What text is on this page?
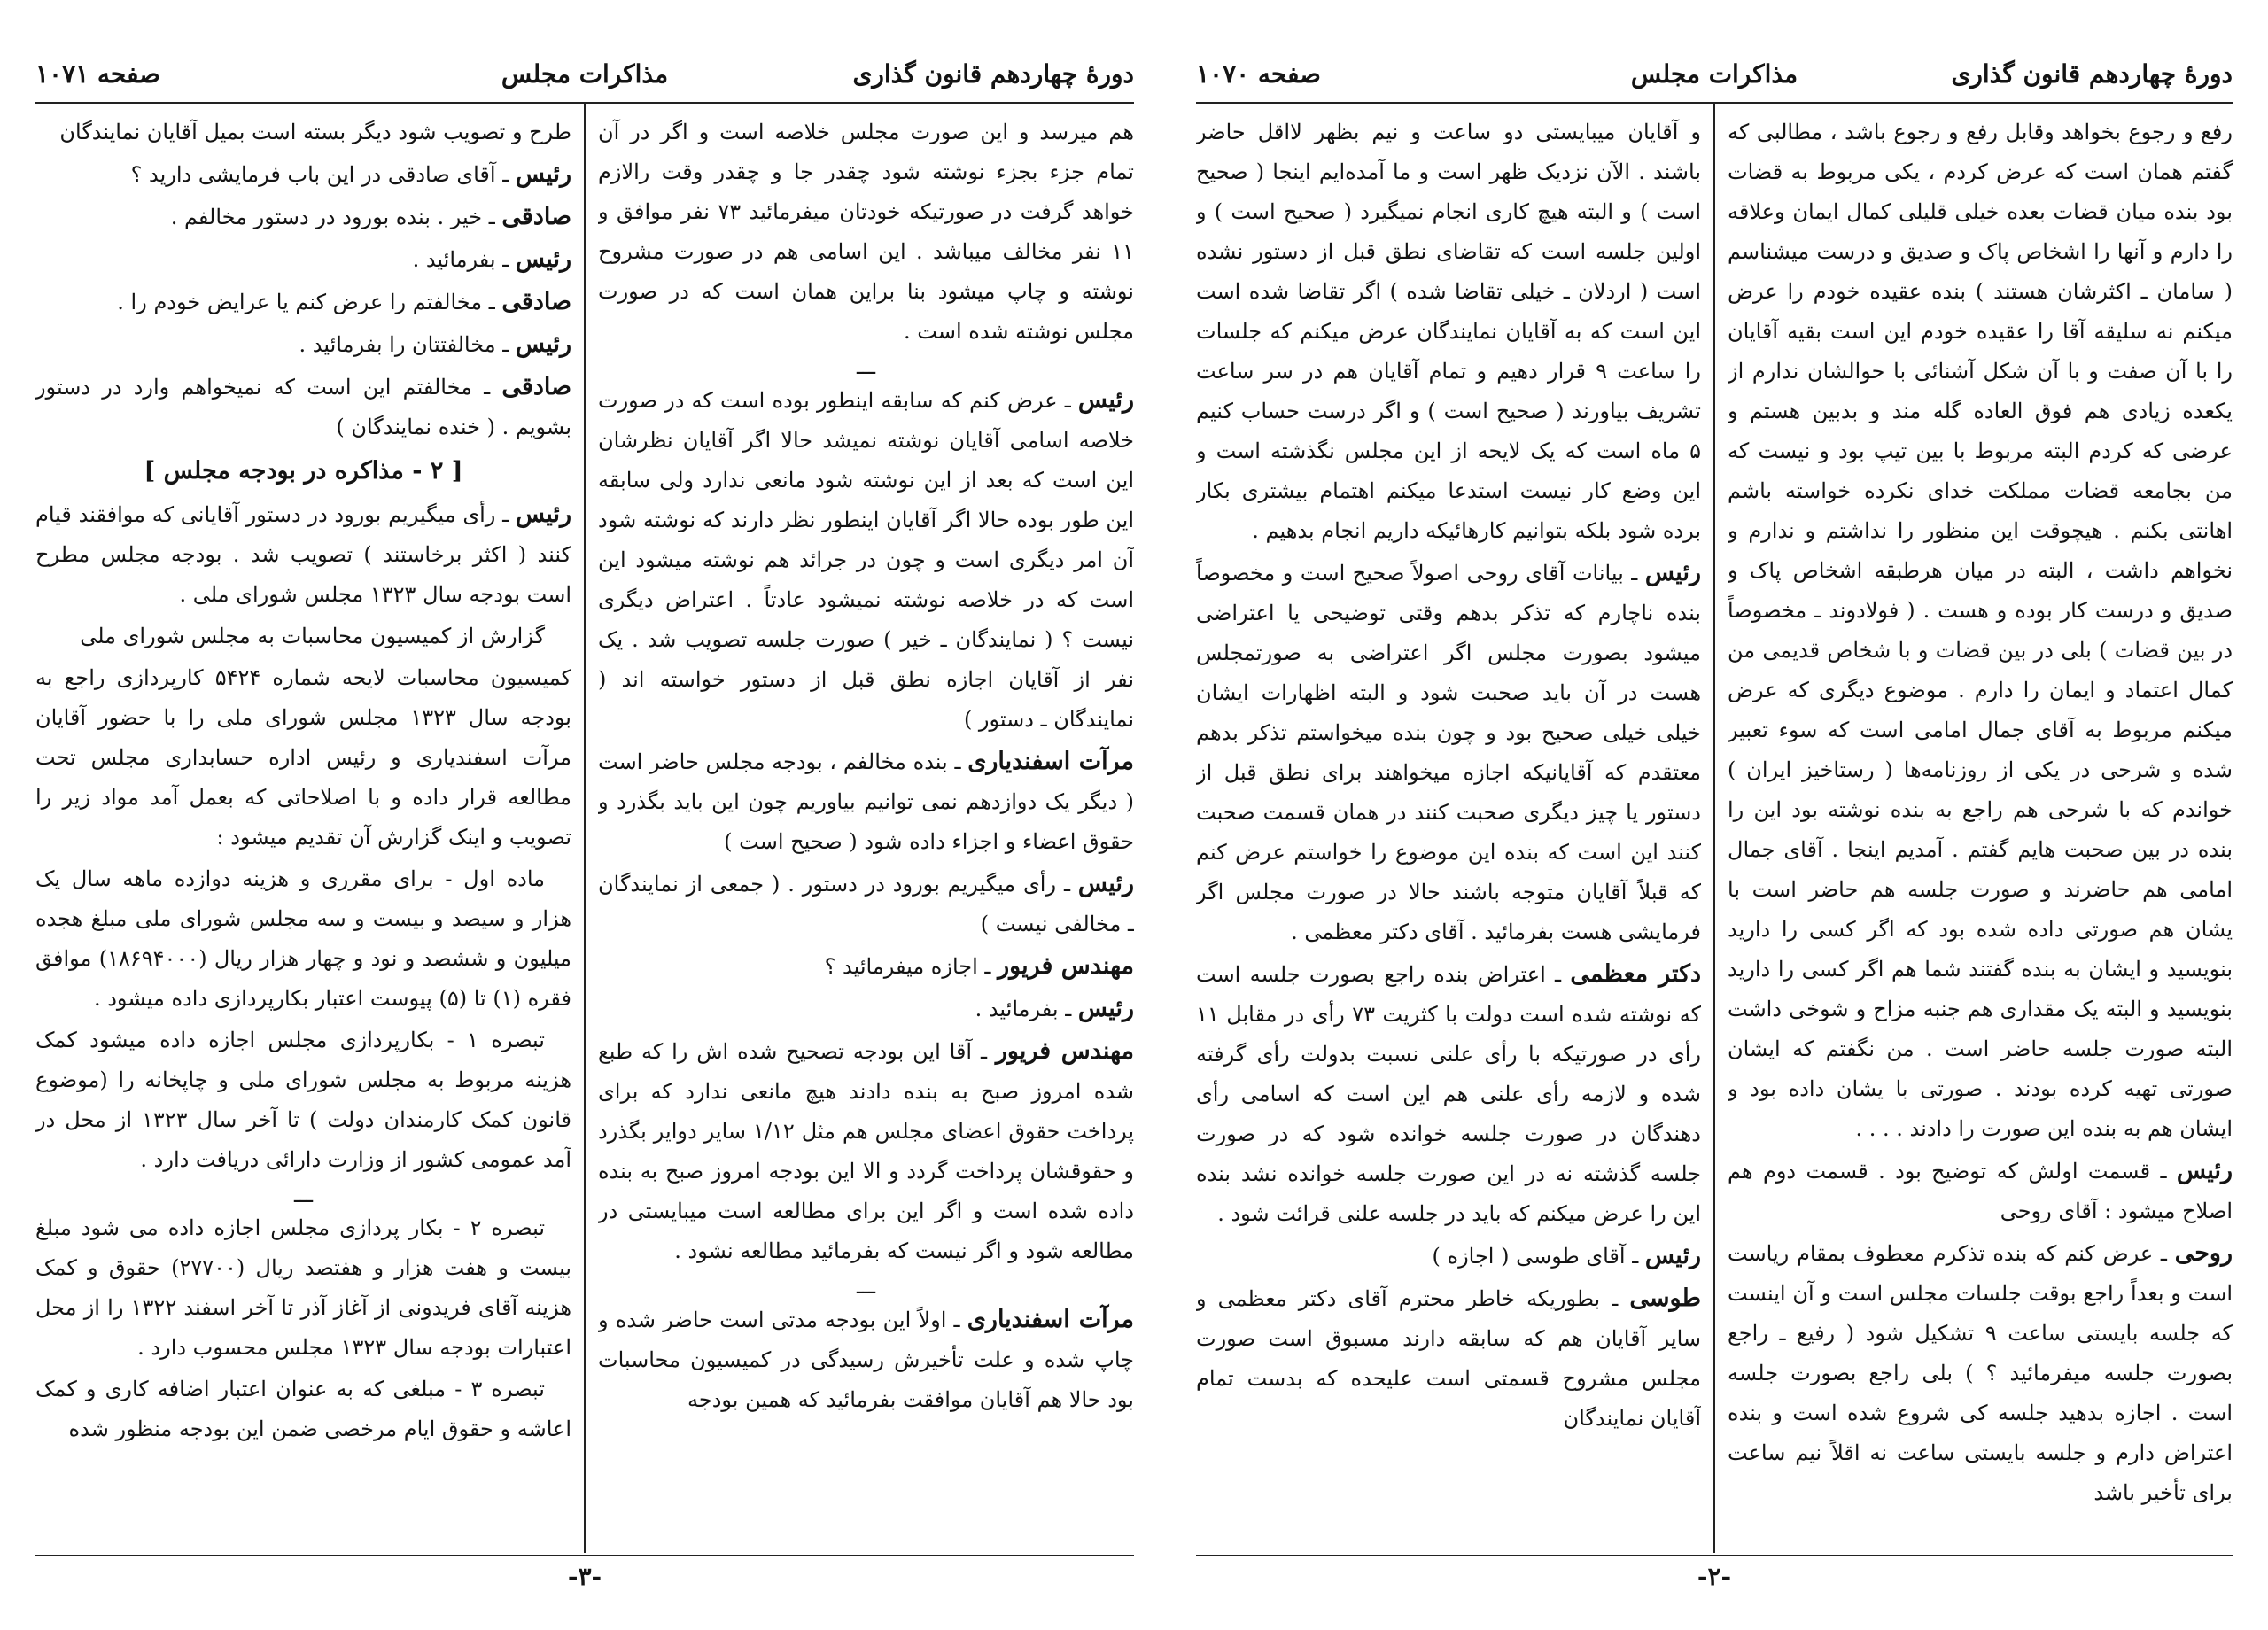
دورهٔ چهاردهم قانون گذاری
مذاکرات مجلس
صفحه ۱۰۷۱

هم میرسد و این صورت مجلس خلاصه است و اگر در آن تمام جزء بجزء نوشته شود چقدر جا و چقدر وقت رالازم خواهد گرفت در صورتیکه خودتان میفرمائید ۷۳ نفر موافق و ۱۱ نفر مخالف میباشد . این اسامی هم در صورت مشروح نوشته و چاپ میشود بنا براین همان است که در صورت مجلس نوشته شده است .

ـــ

رئیس ـ عرض کنم که سابقه اینطور بوده است که در صورت خلاصه اسامی آقایان نوشته نمیشد حالا اگر آقایان نظرشان این است که بعد از این نوشته شود مانعی ندارد ولی سابقه این طور بوده حالا اگر آقایان اینطور نظر دارند که نوشته شود آن امر دیگری است و چون در جرائد هم نوشته میشود این است که در خلاصه نوشته نمیشود عادتاً . اعتراض دیگری نیست ؟ ( نمایندگان ـ خیر ) صورت جلسه تصویب شد . یک نفر از آقایان اجازه نطق قبل از دستور خواسته اند ( نمایندگان ـ دستور )

مرآت اسفندیاری ـ بنده مخالفم ، بودجه مجلس حاضر است ( دیگر یک دوازدهم نمی توانیم بیاوریم چون این باید بگذرد و حقوق اعضاء و اجزاء داده شود ( صحیح است )

رئیس ـ رأی میگیریم بورود در دستور . ( جمعی از نمایندگان ـ مخالفی نیست )

مهندس فریور ـ اجازه میفرمائید ؟

رئیس ـ بفرمائید .

مهندس فریور ـ آقا این بودجه تصحیح شده اش را که طبع شده امروز صبح به بنده دادند هیچ مانعی ندارد که برای پرداخت حقوق اعضای مجلس هم مثل ۱/۱۲ سایر دوایر بگذرد و حقوقشان پرداخت گردد و الا این بودجه امروز صبح به بنده داده شده است و اگر این برای مطالعه است میبایستی در مطالعه شود و اگر نیست که بفرمائید مطالعه نشود .

ـــ

مرآت اسفندیاری ـ اولاً این بودجه مدتی است حاضر شده و چاپ شده و علت تأخیرش رسیدگی در کمیسیون محاسبات بود حالا هم آقایان موافقت بفرمائید که همین بودجه

طرح و تصویب شود دیگر بسته است بمیل آقایان نمایندگان

رئیس ـ آقای صادقی در این باب فرمایشی دارید ؟

صادقی ـ خیر . بنده بورود در دستور مخالفم .

رئیس ـ بفرمائید .

صادقی ـ مخالفتم را عرض کنم یا عرایض خودم را .

رئیس ـ مخالفتتان را بفرمائید .

صادقی ـ مخالفتم این است که نمیخواهم وارد در دستور بشویم . ( خنده نمایندگان )

[ ۲ - مذاکره در بودجه مجلس ]

رئیس ـ رأی میگیریم بورود در دستور آقایانی که موافقند قیام کنند ( اکثر برخاستند ) تصویب شد . بودجه مجلس مطرح است بودجه سال ۱۳۲۳ مجلس شورای ملی .

گزارش از کمیسیون محاسبات به مجلس شورای ملی

کمیسیون محاسبات لایحه شماره ۵۴۲۴ کارپردازی راجع به بودجه سال ۱۳۲۳ مجلس شورای ملی را با حضور آقایان مرآت اسفندیاری و رئیس اداره حسابداری مجلس تحت مطالعه قرار داده و با اصلاحاتی که بعمل آمد مواد زیر را تصویب و اینک گزارش آن تقدیم میشود :

ماده اول - برای مقرری و هزینه دوازده ماهه سال یک هزار و سیصد و بیست و سه مجلس شورای ملی مبلغ هجده میلیون و ششصد و نود و چهار هزار ریال (۱۸۶۹۴۰۰۰) موافق فقره (۱) تا (۵) پیوست اعتبار بکارپردازی داده میشود .

تبصره ۱ - بکارپردازی مجلس اجازه داده میشود کمک هزینه مربوط به مجلس شورای ملی و چاپخانه را (موضوع قانون کمک کارمندان دولت ) تا آخر سال ۱۳۲۳ از محل در آمد عمومی کشور از وزارت دارائی دریافت دارد .

ـــ

تبصره ۲ - بکار پردازی مجلس اجازه داده می شود مبلغ بیست و هفت هزار و هفتصد ریال (۲۷۷۰۰) حقوق و کمک هزینه آقای فریدونی از آغاز آذر تا آخر اسفند ۱۳۲۲ را از محل اعتبارات بودجه سال ۱۳۲۳ مجلس محسوب دارد .

تبصره ۳ - مبلغی که به عنوان اعتبار اضافه کاری و کمک اعاشه و حقوق ایام مرخصی ضمن این بودجه منظور شده

-۳-
دورهٔ چهاردهم قانون گذاری
مذاکرات مجلس
صفحه ۱۰۷۰

رفع و رجوع بخواهد وقابل رفع و رجوع باشد ، مطالبی که گفتم همان است که عرض کردم ، یکی مربوط به قضات بود بنده میان قضات بعده خیلی قلیلی کمال ایمان وعلاقه را دارم و آنها را اشخاص پاک و صدیق و درست میشناسم ( سامان ـ اکثرشان هستند ) بنده عقیده خودم را عرض میکنم نه سلیقه آقا را عقیده خودم این است بقیه آقایان را با آن صفت و با آن شکل آشنائی با حوالشان ندارم از یکعده زیادی هم فوق العاده گله مند و بدبین هستم و عرضی که کردم البته مربوط با بین تیپ بود و نیست که من بجامعه قضات مملکت خدای نکرده خواسته باشم اهانتی بکنم . هیچوقت این منظور را نداشتم و ندارم و نخواهم داشت ، البته در میان هرطبقه اشخاص پاک و صدیق و درست کار بوده و هست . ( فولادوند ـ مخصوصاً در بین قضات ) بلی در بین قضات و با شخاص قدیمی من کمال اعتماد و ایمان را دارم . موضوع دیگری که عرض میکنم مربوط به آقای جمال امامی است که سوء تعبیر شده و شرحی در یکی از روزنامه‌ها ( رستاخیز ایران ) خواندم که با شرحی هم راجع به بنده نوشته بود این را بنده در بین صحبت هایم گفتم . آمدیم اینجا . آقای جمال امامی هم حاضرند و صورت جلسه هم حاضر است با یشان هم صورتی داده شده بود که اگر کسی را دارید بنویسید و ایشان به بنده گفتند شما هم اگر کسی را دارید بنویسید و البته یک مقداری هم جنبه مزاح و شوخی داشت البته صورت جلسه حاضر است . من نگفتم که ایشان صورتی تهیه کرده بودند . صورتی با یشان داده بود و ایشان هم به بنده این صورت را دادند . . . .

رئیس ـ قسمت اولش که توضیح بود . قسمت دوم هم اصلاح میشود : آقای روحی

روحی ـ عرض کنم که بنده تذکرم معطوف بمقام ریاست است و بعداً راجع بوقت جلسات مجلس است و آن اینست که جلسه بایستی ساعت ۹ تشکیل شود ( رفیع ـ راجع بصورت جلسه میفرمائید ؟ ) بلی راجع بصورت جلسه است . اجازه بدهید جلسه کی شروع شده است و بنده اعتراض دارم و جلسه بایستی ساعت نه اقلاً نیم ساعت برای تأخیر باشد

و آقایان میبایستی دو ساعت و نیم بظهر لااقل حاضر باشند . الآن نزدیک ظهر است و ما آمده‌ایم اینجا ( صحیح است ) و البته هیچ کاری انجام نمیگیرد ( صحیح است ) و اولین جلسه است که تقاضای نطق قبل از دستور نشده است ( اردلان ـ خیلی تقاضا شده ) اگر تقاضا شده است این است که به آقایان نمایندگان عرض میکنم که جلسات را ساعت ۹ قرار دهیم و تمام آقایان هم در سر ساعت تشریف بیاورند ( صحیح است ) و اگر درست حساب کنیم ۵ ماه است که یک لایحه از این مجلس نگذشته است و این وضع کار نیست استدعا میکنم اهتمام بیشتری بکار برده شود بلکه بتوانیم کارهائیکه داریم انجام بدهیم .

رئیس ـ بیانات آقای روحی اصولاً صحیح است و مخصوصاً بنده ناچارم که تذکر بدهم وقتی توضیحی یا اعتراضی میشود بصورت مجلس اگر اعتراضی به صورتمجلس هست در آن باید صحبت شود و البته اظهارات ایشان خیلی خیلی صحیح بود و چون بنده میخواستم تذکر بدهم معتقدم که آقایانیکه اجازه میخواهند برای نطق قبل از دستور یا چیز دیگری صحبت کنند در همان قسمت صحبت کنند این است که بنده این موضوع را خواستم عرض کنم که قبلاً آقایان متوجه باشند حالا در صورت مجلس اگر فرمایشی هست بفرمائید . آقای دکتر معظمی .

دکتر معظمی ـ اعتراض بنده راجع بصورت جلسه است که نوشته شده است دولت با کثریت ۷۳ رأی در مقابل ۱۱ رأی در صورتیکه با رأی علنی نسبت بدولت رأی گرفته شده و لازمه رأی علنی هم این است که اسامی رأی دهندگان در صورت جلسه خوانده شود که در صورت جلسه گذشته نه در این صورت جلسه خوانده نشد بنده این را عرض میکنم که باید در جلسه علنی قرائت شود .

رئیس ـ آقای طوسی ( اجازه )

طوسی ـ بطوریکه خاطر محترم آقای دکتر معظمی و سایر آقایان هم که سابقه دارند مسبوق است صورت مجلس مشروح قسمتی است علیحده که بدست تمام آقایان نمایندگان

-۲-
